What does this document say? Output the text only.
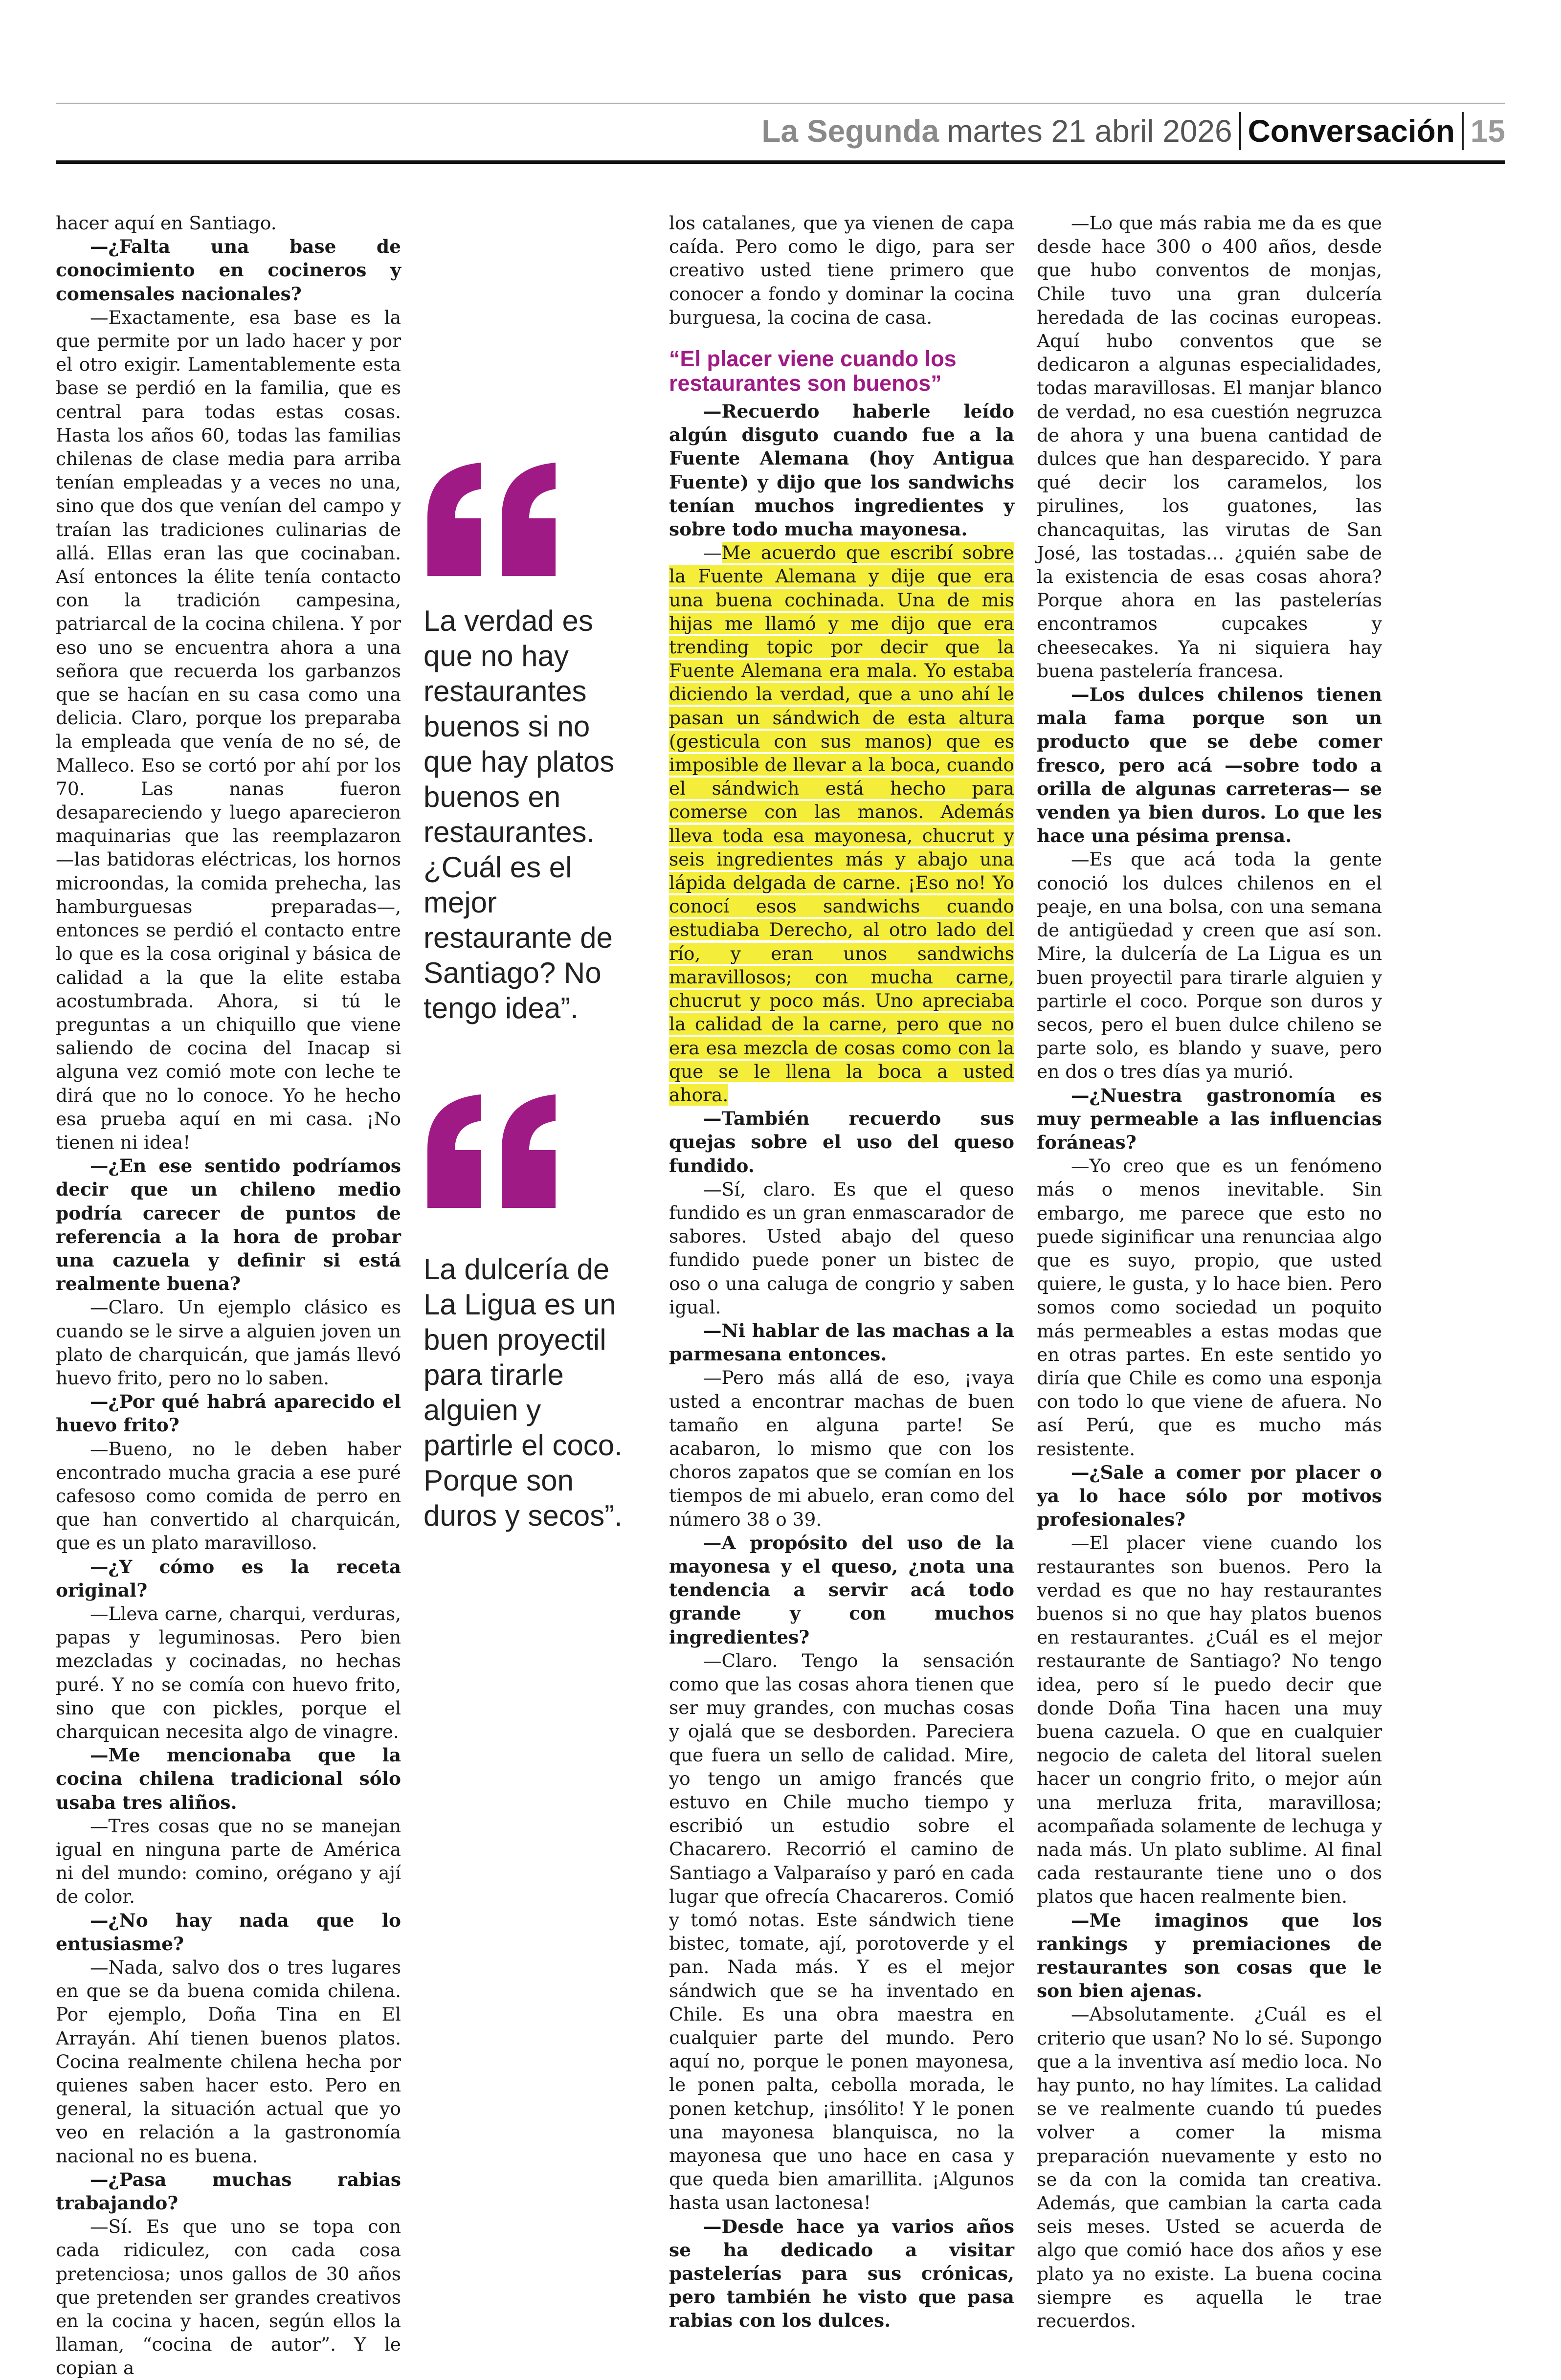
La Segunda martes 21 abril 2026 Conversación 15

hacer aquí en Santiago.

—¿Falta una base de conocimiento en cocineros y comensales nacionales?

—Exactamente, esa base es la que permite por un lado hacer y por el otro exigir. Lamentablemente esta base se perdió en la familia, que es central para todas estas cosas. Hasta los años 60, todas las familias chilenas de clase media para arriba tenían empleadas y a veces no una, sino que dos que venían del campo y traían las tradiciones culinarias de allá. Ellas eran las que cocinaban. Así entonces la élite tenía contacto con la tradición campesina, patriarcal de la cocina chilena. Y por eso uno se encuentra ahora a una señora que recuerda los garbanzos que se hacían en su casa como una delicia. Claro, porque los preparaba la empleada que venía de no sé, de Malleco. Eso se cortó por ahí por los 70. Las nanas fueron desapareciendo y luego aparecieron maquinarias que las reemplazaron —las batidoras eléctricas, los hornos microondas, la comida prehecha, las hamburguesas preparadas—, entonces se perdió el contacto entre lo que es la cosa original y básica de calidad a la que la elite estaba acostumbrada. Ahora, si tú le preguntas a un chiquillo que viene saliendo de cocina del Inacap si alguna vez comió mote con leche te dirá que no lo conoce. Yo he hecho esa prueba aquí en mi casa. ¡No tienen ni idea!

—¿En ese sentido podríamos decir que un chileno medio podría carecer de puntos de referencia a la hora de probar una cazuela y definir si está realmente buena?

—Claro. Un ejemplo clásico es cuando se le sirve a alguien joven un plato de charquicán, que jamás llevó huevo frito, pero no lo saben.

—¿Por qué habrá aparecido el huevo frito?

—Bueno, no le deben haber encontrado mucha gracia a ese puré cafesoso como comida de perro en que han convertido al charquicán, que es un plato maravilloso.

—¿Y cómo es la receta original?

—Lleva carne, charqui, verduras, papas y leguminosas. Pero bien mezcladas y cocinadas, no hechas puré. Y no se comía con huevo frito, sino que con pickles, porque el charquican necesita algo de vinagre.

—Me mencionaba que la cocina chilena tradicional sólo usaba tres aliños.

—Tres cosas que no se manejan igual en ninguna parte de América ni del mundo: comino, orégano y ají de color.

—¿No hay nada que lo entusiasme?

—Nada, salvo dos o tres lugares en que se da buena comida chilena. Por ejemplo, Doña Tina en El Arrayán. Ahí tienen buenos platos. Cocina realmente chilena hecha por quienes saben hacer esto. Pero en general, la situación actual que yo veo en relación a la gastronomía nacional no es buena.

—¿Pasa muchas rabias trabajando?

—Sí. Es que uno se topa con cada ridiculez, con cada cosa pretenciosa; unos gallos de 30 años que pretenden ser grandes creativos en la cocina y hacen, según ellos la llaman, “cocina de autor”. Y le copian a

La verdad es que no hay restaurantes buenos si no que hay platos buenos en restaurantes. ¿Cuál es el mejor restaurante de Santiago? No tengo idea”.

La dulcería de La Ligua es un buen proyectil para tirarle alguien y partirle el coco. Porque son duros y secos”.

los catalanes, que ya vienen de capa caída. Pero como le digo, para ser creativo usted tiene primero que conocer a fondo y dominar la cocina burguesa, la cocina de casa.

“El placer viene cuando los restaurantes son buenos”

—Recuerdo haberle leído algún disguto cuando fue a la Fuente Alemana (hoy Antigua Fuente) y dijo que los sandwichs tenían muchos ingredientes y sobre todo mucha mayonesa.

—Me acuerdo que escribí sobre la Fuente Alemana y dije que era una buena cochinada. Una de mis hijas me llamó y me dijo que era trending topic por decir que la Fuente Alemana era mala. Yo estaba diciendo la verdad, que a uno ahí le pasan un sándwich de esta altura (gesticula con sus manos) que es imposible de llevar a la boca, cuando el sándwich está hecho para comerse con las manos. Además lleva toda esa mayonesa, chucrut y seis ingredientes más y abajo una lápida delgada de carne. ¡Eso no! Yo conocí esos sandwichs cuando estudiaba Derecho, al otro lado del río, y eran unos sandwichs maravillosos; con mucha carne, chucrut y poco más. Uno apreciaba la calidad de la carne, pero que no era esa mezcla de cosas como con la que se le llena la boca a usted ahora.

—También recuerdo sus quejas sobre el uso del queso fundido.

—Sí, claro. Es que el queso fundido es un gran enmascarador de sabores. Usted abajo del queso fundido puede poner un bistec de oso o una caluga de congrio y saben igual.

—Ni hablar de las machas a la parmesana entonces.

—Pero más allá de eso, ¡vaya usted a encontrar machas de buen tamaño en alguna parte! Se acabaron, lo mismo que con los choros zapatos que se comían en los tiempos de mi abuelo, eran como del número 38 o 39.

—A propósito del uso de la mayonesa y el queso, ¿nota una tendencia a servir acá todo grande y con muchos ingredientes?

—Claro. Tengo la sensación como que las cosas ahora tienen que ser muy grandes, con muchas cosas y ojalá que se desborden. Pareciera que fuera un sello de calidad. Mire, yo tengo un amigo francés que estuvo en Chile mucho tiempo y escribió un estudio sobre el Chacarero. Recorrió el camino de Santiago a Valparaíso y paró en cada lugar que ofrecía Chacareros. Comió y tomó notas. Este sándwich tiene bistec, tomate, ají, porotoverde y el pan. Nada más. Y es el mejor sándwich que se ha inventado en Chile. Es una obra maestra en cualquier parte del mundo. Pero aquí no, porque le ponen mayonesa, le ponen palta, cebolla morada, le ponen ketchup, ¡insólito! Y le ponen una mayonesa blanquisca, no la mayonesa que uno hace en casa y que queda bien amarillita. ¡Algunos hasta usan lactonesa!

—Desde hace ya varios años se ha dedicado a visitar pastelerías para sus crónicas, pero también he visto que pasa rabias con los dulces.

—Lo que más rabia me da es que desde hace 300 o 400 años, desde que hubo conventos de monjas, Chile tuvo una gran dulcería heredada de las cocinas europeas. Aquí hubo conventos que se dedicaron a algunas especialidades, todas maravillosas. El manjar blanco de verdad, no esa cuestión negruzca de ahora y una buena cantidad de dulces que han desparecido. Y para qué decir los caramelos, los pirulines, los guatones, las chancaquitas, las virutas de San José, las tostadas… ¿quién sabe de la existencia de esas cosas ahora? Porque ahora en las pastelerías encontramos cupcakes y cheesecakes. Ya ni siquiera hay buena pastelería francesa.

—Los dulces chilenos tienen mala fama porque son un producto que se debe comer fresco, pero acá —sobre todo a orilla de algunas carreteras— se venden ya bien duros. Lo que les hace una pésima prensa.

—Es que acá toda la gente conoció los dulces chilenos en el peaje, en una bolsa, con una semana de antigüedad y creen que así son. Mire, la dulcería de La Ligua es un buen proyectil para tirarle alguien y partirle el coco. Porque son duros y secos, pero el buen dulce chileno se parte solo, es blando y suave, pero en dos o tres días ya murió.

—¿Nuestra gastronomía es muy permeable a las influencias foráneas?

—Yo creo que es un fenómeno más o menos inevitable. Sin embargo, me parece que esto no puede siginificar una renunciaa algo que es suyo, propio, que usted quiere, le gusta, y lo hace bien. Pero somos como sociedad un poquito más permeables a estas modas que en otras partes. En este sentido yo diría que Chile es como una esponja con todo lo que viene de afuera. No así Perú, que es mucho más resistente.

—¿Sale a comer por placer o ya lo hace sólo por motivos profesionales?

—El placer viene cuando los restaurantes son buenos. Pero la verdad es que no hay restaurantes buenos si no que hay platos buenos en restaurantes. ¿Cuál es el mejor restaurante de Santiago? No tengo idea, pero sí le puedo decir que donde Doña Tina hacen una muy buena cazuela. O que en cualquier negocio de caleta del litoral suelen hacer un congrio frito, o mejor aún una merluza frita, maravillosa; acompañada solamente de lechuga y nada más. Un plato sublime. Al final cada restaurante tiene uno o dos platos que hacen realmente bien.

—Me imaginos que los rankings y premiaciones de restaurantes son cosas que le son bien ajenas.

—Absolutamente. ¿Cuál es el criterio que usan? No lo sé. Supongo que a la inventiva así medio loca. No hay punto, no hay límites. La calidad se ve realmente cuando tú puedes volver a comer la misma preparación nuevamente y esto no se da con la comida tan creativa. Además, que cambian la carta cada seis meses. Usted se acuerda de algo que comió hace dos años y ese plato ya no existe. La buena cocina siempre es aquella le trae recuerdos.
